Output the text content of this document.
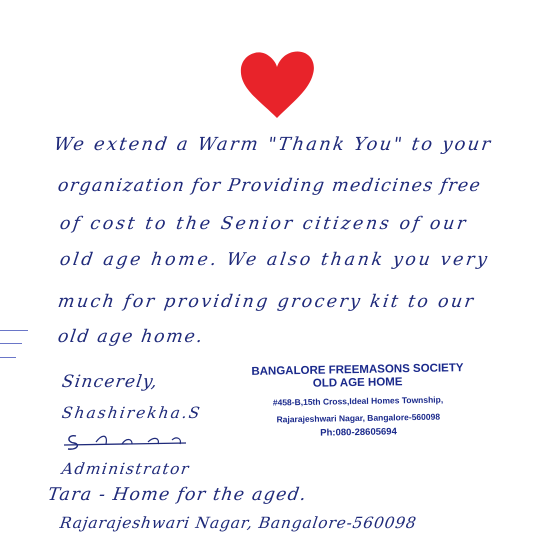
We extend a Warm "Thank You" to your
organization for Providing medicines free
of cost to the Senior citizens of our
old age home. We also thank you very
much for providing grocery kit to our
old age home.
Sincerely,
Shashirekha.S
Administrator
Tara - Home for the aged.
Rajarajeshwari Nagar, Bangalore-560098
BANGALORE FREEMASONS SOCIETY
OLD AGE HOME
#458-B,15th Cross,Ideal Homes Township,
Rajarajeshwari Nagar, Bangalore-560098
Ph:080-28605694
